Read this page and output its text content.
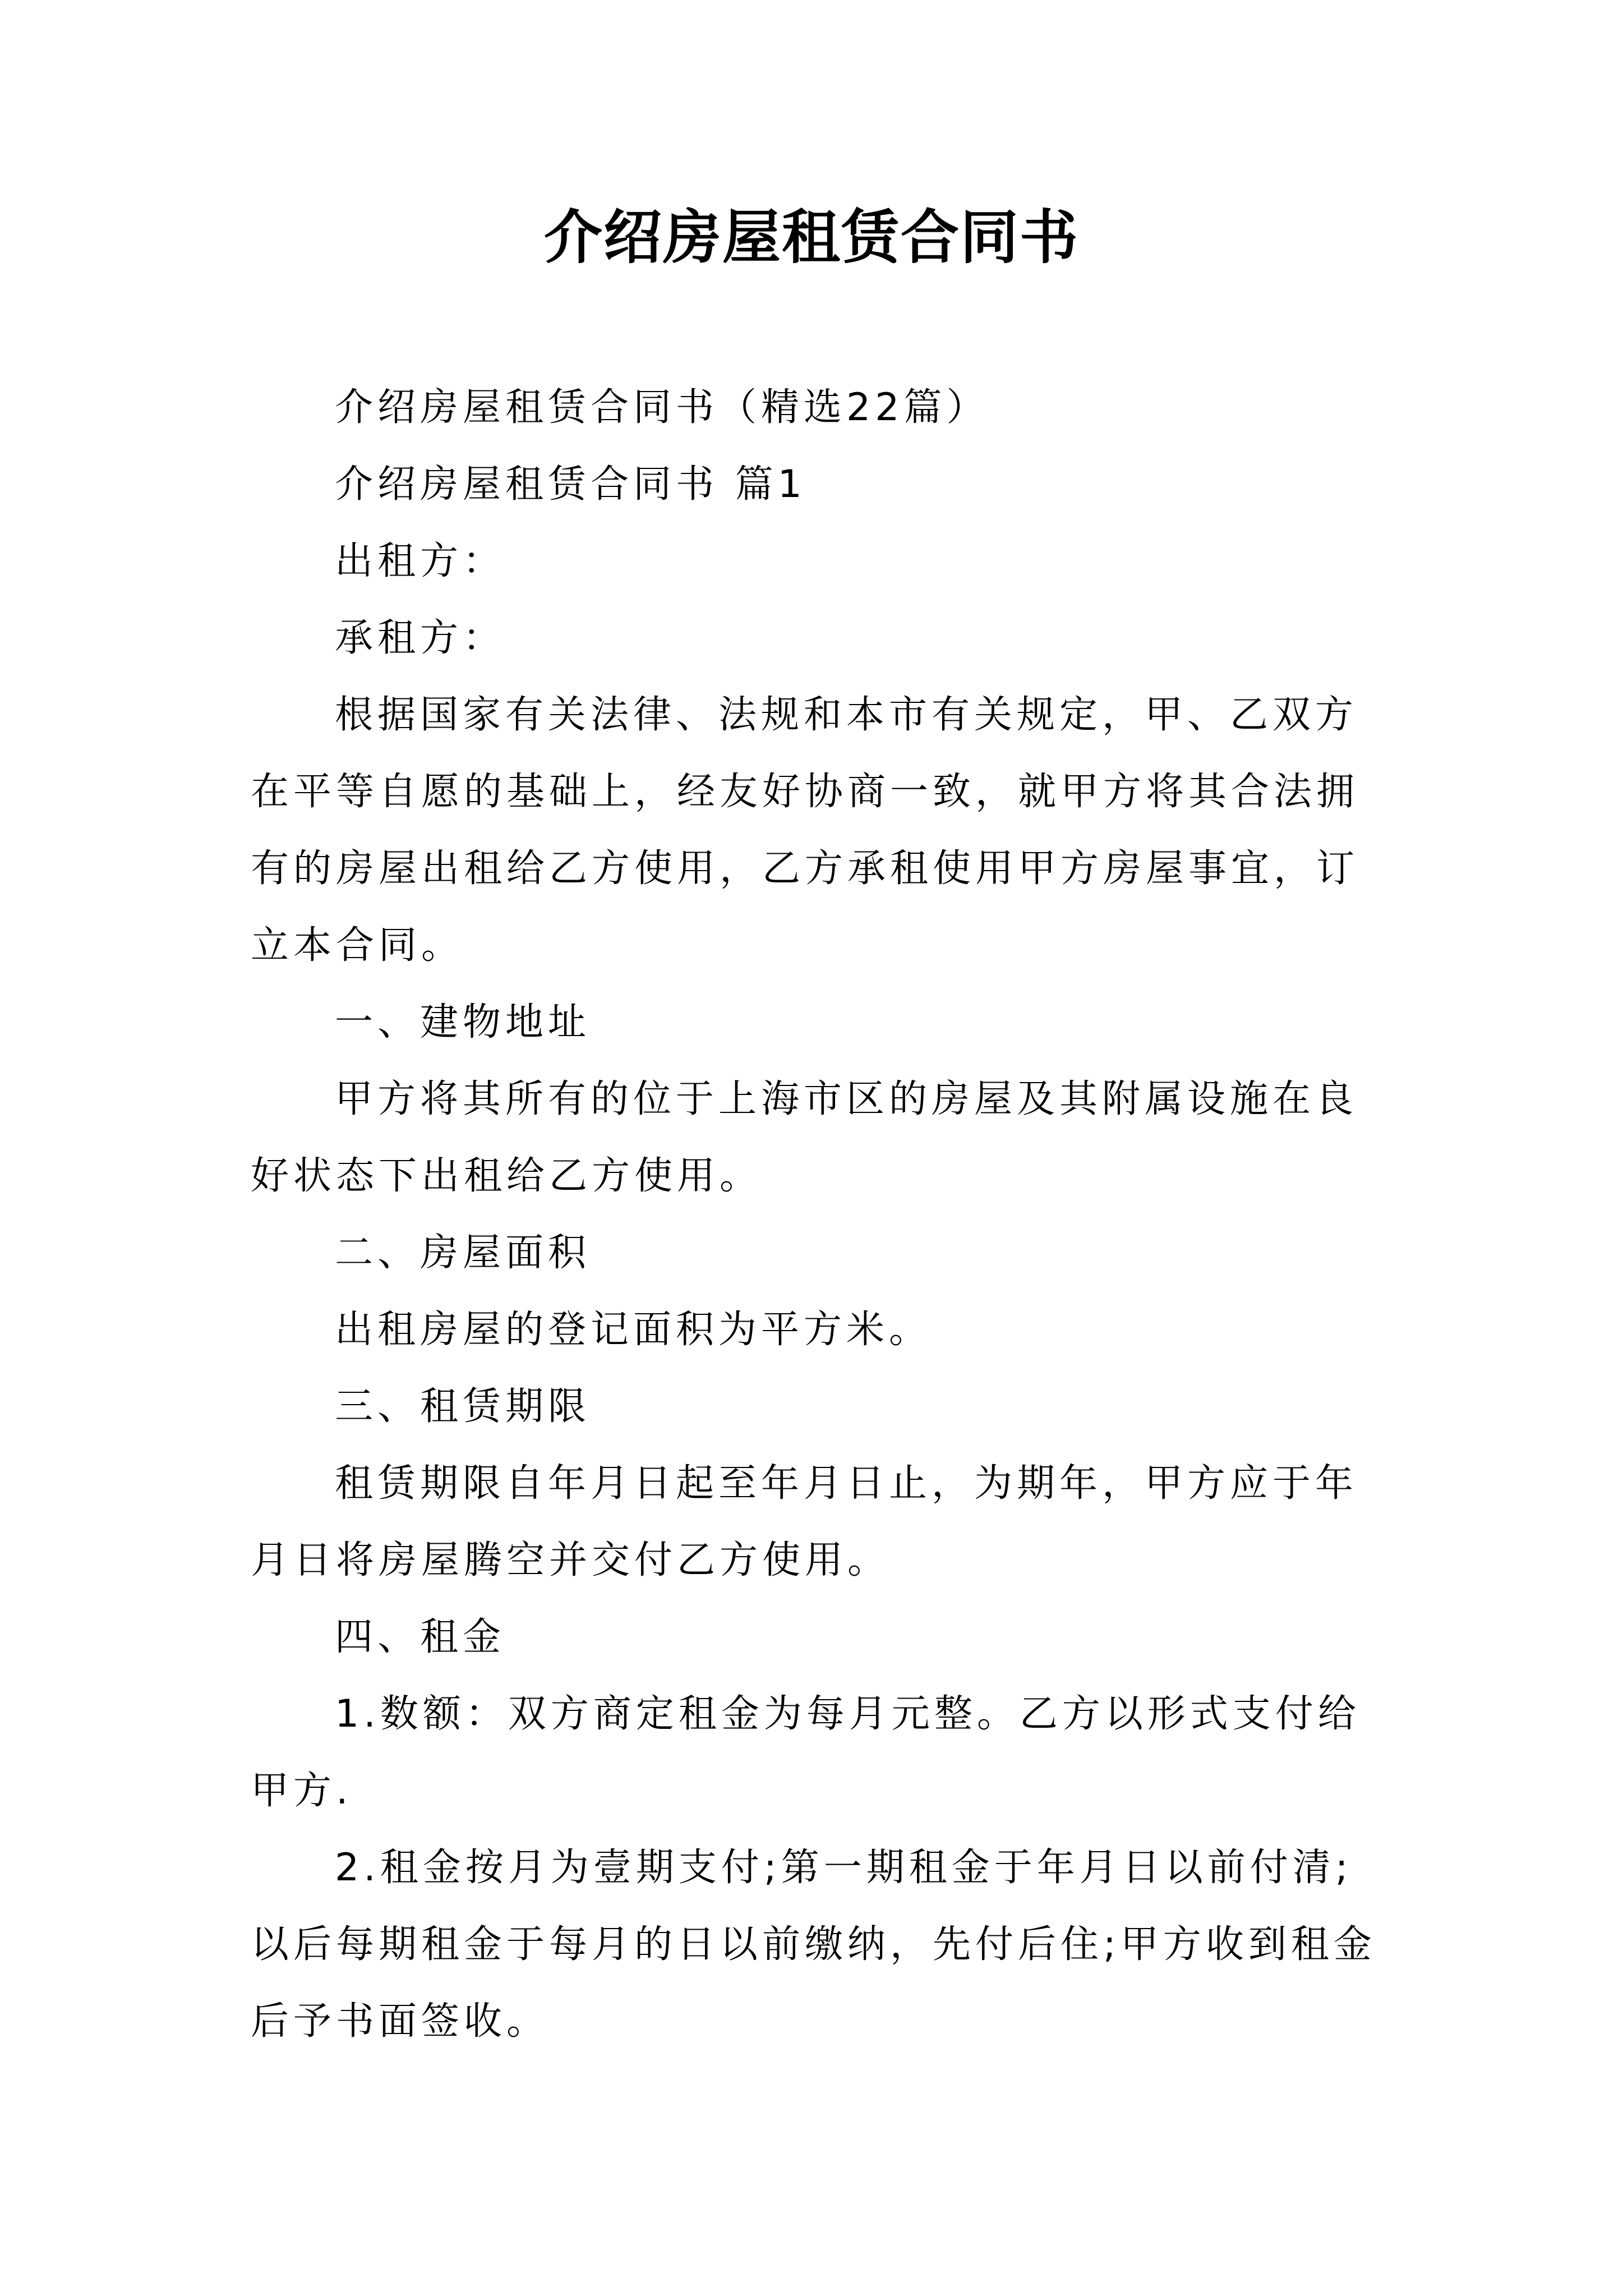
介绍房屋租赁合同书

介绍房屋租赁合同书（精选22篇）

介绍房屋租赁合同书 篇1

出租方：

承租方：

根据国家有关法律、法规和本市有关规定，甲、乙双方在平等自愿的基础上，经友好协商一致，就甲方将其合法拥有的房屋出租给乙方使用，乙方承租使用甲方房屋事宜，订立本合同。

一、建物地址

甲方将其所有的位于上海市区的房屋及其附属设施在良好状态下出租给乙方使用。

二、房屋面积

出租房屋的登记面积为平方米。

三、租赁期限

租赁期限自年月日起至年月日止，为期年，甲方应于年月日将房屋腾空并交付乙方使用。

四、租金

1.数额：双方商定租金为每月元整。乙方以形式支付给甲方.

2.租金按月为壹期支付;第一期租金于年月日以前付清;以后每期租金于每月的日以前缴纳，先付后住;甲方收到租金后予书面签收。
